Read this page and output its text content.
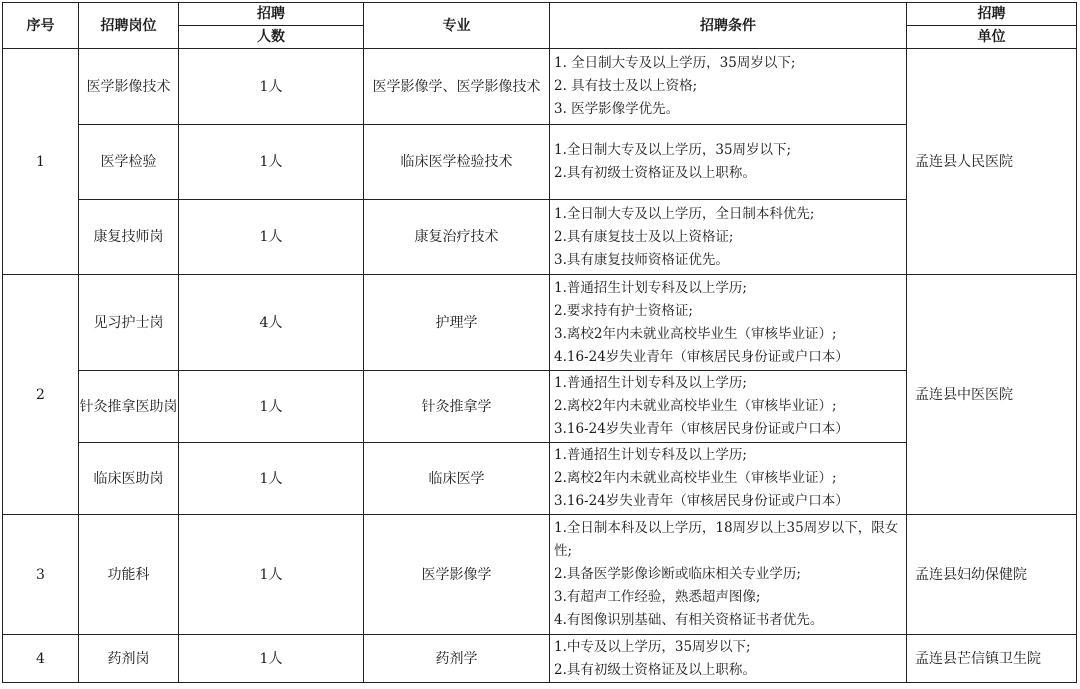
序号	招聘岗位	招聘	专业	招聘条件	招聘
		人数			单位
1	医学影像技术	1人	医学影像学、医学影像技术	1. 全日制大专及以上学历，35周岁以下;
2. 具有技士及以上资格;
3. 医学影像学优先。	孟连县人民医院
	医学检验	1人	临床医学检验技术	1.全日制大专及以上学历，35周岁以下;
2.具有初级士资格证及以上职称。	

	康复技师岗	1人	康复治疗技术	1.全日制大专及以上学历，全日制本科优先;
2.具有康复技士及以上资格证;
3.具有康复技师资格证优先。	

2	见习护士岗	4人	护理学	1.普通招生计划专科及以上学历;
2.要求持有护士资格证;
3.离校2年内未就业高校毕业生（审核毕业证）;
4.16-24岁失业青年（审核居民身份证或户口本）	孟连县中医医院
	针灸推拿医助岗	1人	针灸推拿学	1.普通招生计划专科及以上学历;
2.离校2年内未就业高校毕业生（审核毕业证）;
3.16-24岁失业青年（审核居民身份证或户口本）	

	临床医助岗	1人	临床医学	1.普通招生计划专科及以上学历;
2.离校2年内未就业高校毕业生（审核毕业证）;
3.16-24岁失业青年（审核居民身份证或户口本）	

3	功能科	1人	医学影像学	1.全日制本科及以上学历，18周岁以上35周岁以下，限女性;
2.具备医学影像诊断或临床相关专业学历;
3.有超声工作经验，熟悉超声图像;
4.有图像识别基础、有相关资格证书者优先。	孟连县妇幼保健院
4	药剂岗	1人	药剂学	1.中专及以上学历，35周岁以下;
2.具有初级士资格证及以上职称。	孟连县芒信镇卫生院
